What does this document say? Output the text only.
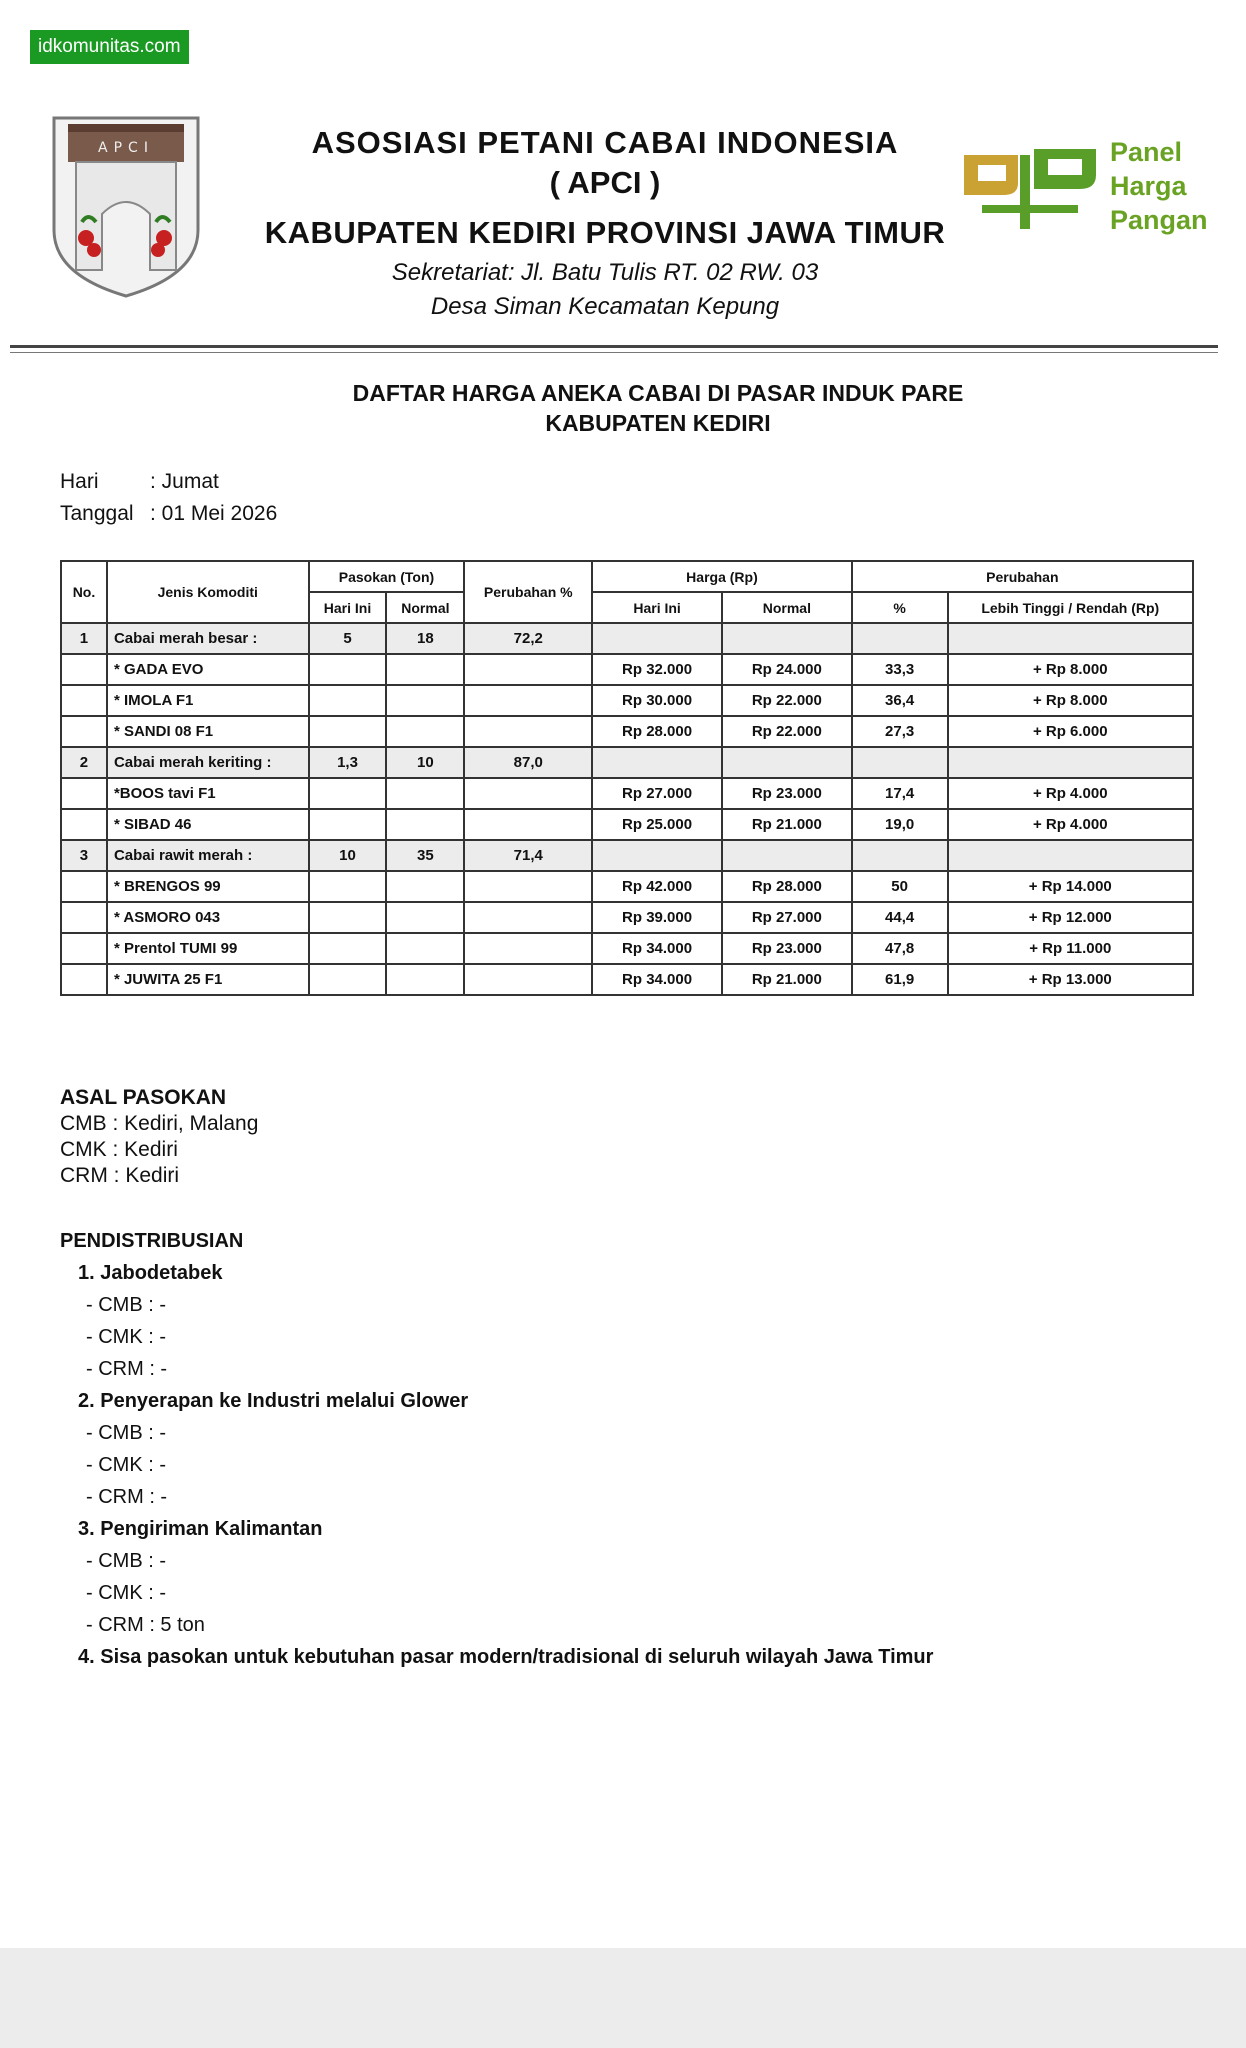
idkomunitas.com
APCI	ASOSIASI PETANI CABAI INDONESIA
( APCI )
KABUPATEN KEDIRI PROVINSI JAWA TIMUR
Sekretariat: Jl. Batu Tulis RT. 02 RW. 03
Desa Siman Kecamatan Kepung
Panel
Harga
Pangan
DAFTAR HARGA ANEKA CABAI DI PASAR INDUK PARE
KABUPATEN KEDIRI
Hari	: Jumat
Tanggal : 01 Mei 2026
No.	Jenis Komoditi	Pasokan (Ton)		Perubahan %	Harga (Rp)		Perubahan	
		Hari Ini	Normal		Hari Ini	Normal	%	Lebih Tinggi / Rendah (Rp)
1	Cabai merah besar :	5	18	72,2				
	* GADA EVO				Rp 32.000	Rp 24.000	33,3	+ Rp 8.000
	* IMOLA F1				Rp 30.000	Rp 22.000	36,4	+ Rp 8.000
	* SANDI 08 F1				Rp 28.000	Rp 22.000	27,3	+ Rp 6.000
2	Cabai merah keriting :	1,3	10	87,0				
	*BOOS tavi F1				Rp 27.000	Rp 23.000	17,4	+ Rp 4.000
	* SIBAD 46				Rp 25.000	Rp 21.000	19,0	+ Rp 4.000
3	Cabai rawit merah :	10	35	71,4				
	* BRENGOS 99				Rp 42.000	Rp 28.000	50	+ Rp 14.000
	* ASMORO 043				Rp 39.000	Rp 27.000	44,4	+ Rp 12.000
	* Prentol TUMI 99				Rp 34.000	Rp 23.000	47,8	+ Rp 11.000
	* JUWITA 25 F1				Rp 34.000	Rp 21.000	61,9	+ Rp 13.000
ASAL PASOKAN
CMB : Kediri, Malang
CMK : Kediri
CRM : Kediri
PENDISTRIBUSIAN
1. Jabodetabek
- CMB : -
- CMK : -
- CRM : -
2. Penyerapan ke Industri melalui Glower
- CMB : -
- CMK : -
- CRM : -
3. Pengiriman Kalimantan
- CMB : -
- CMK : -
- CRM : 5 ton
4. Sisa pasokan untuk kebutuhan pasar modern/tradisional di seluruh wilayah Jawa Timur
